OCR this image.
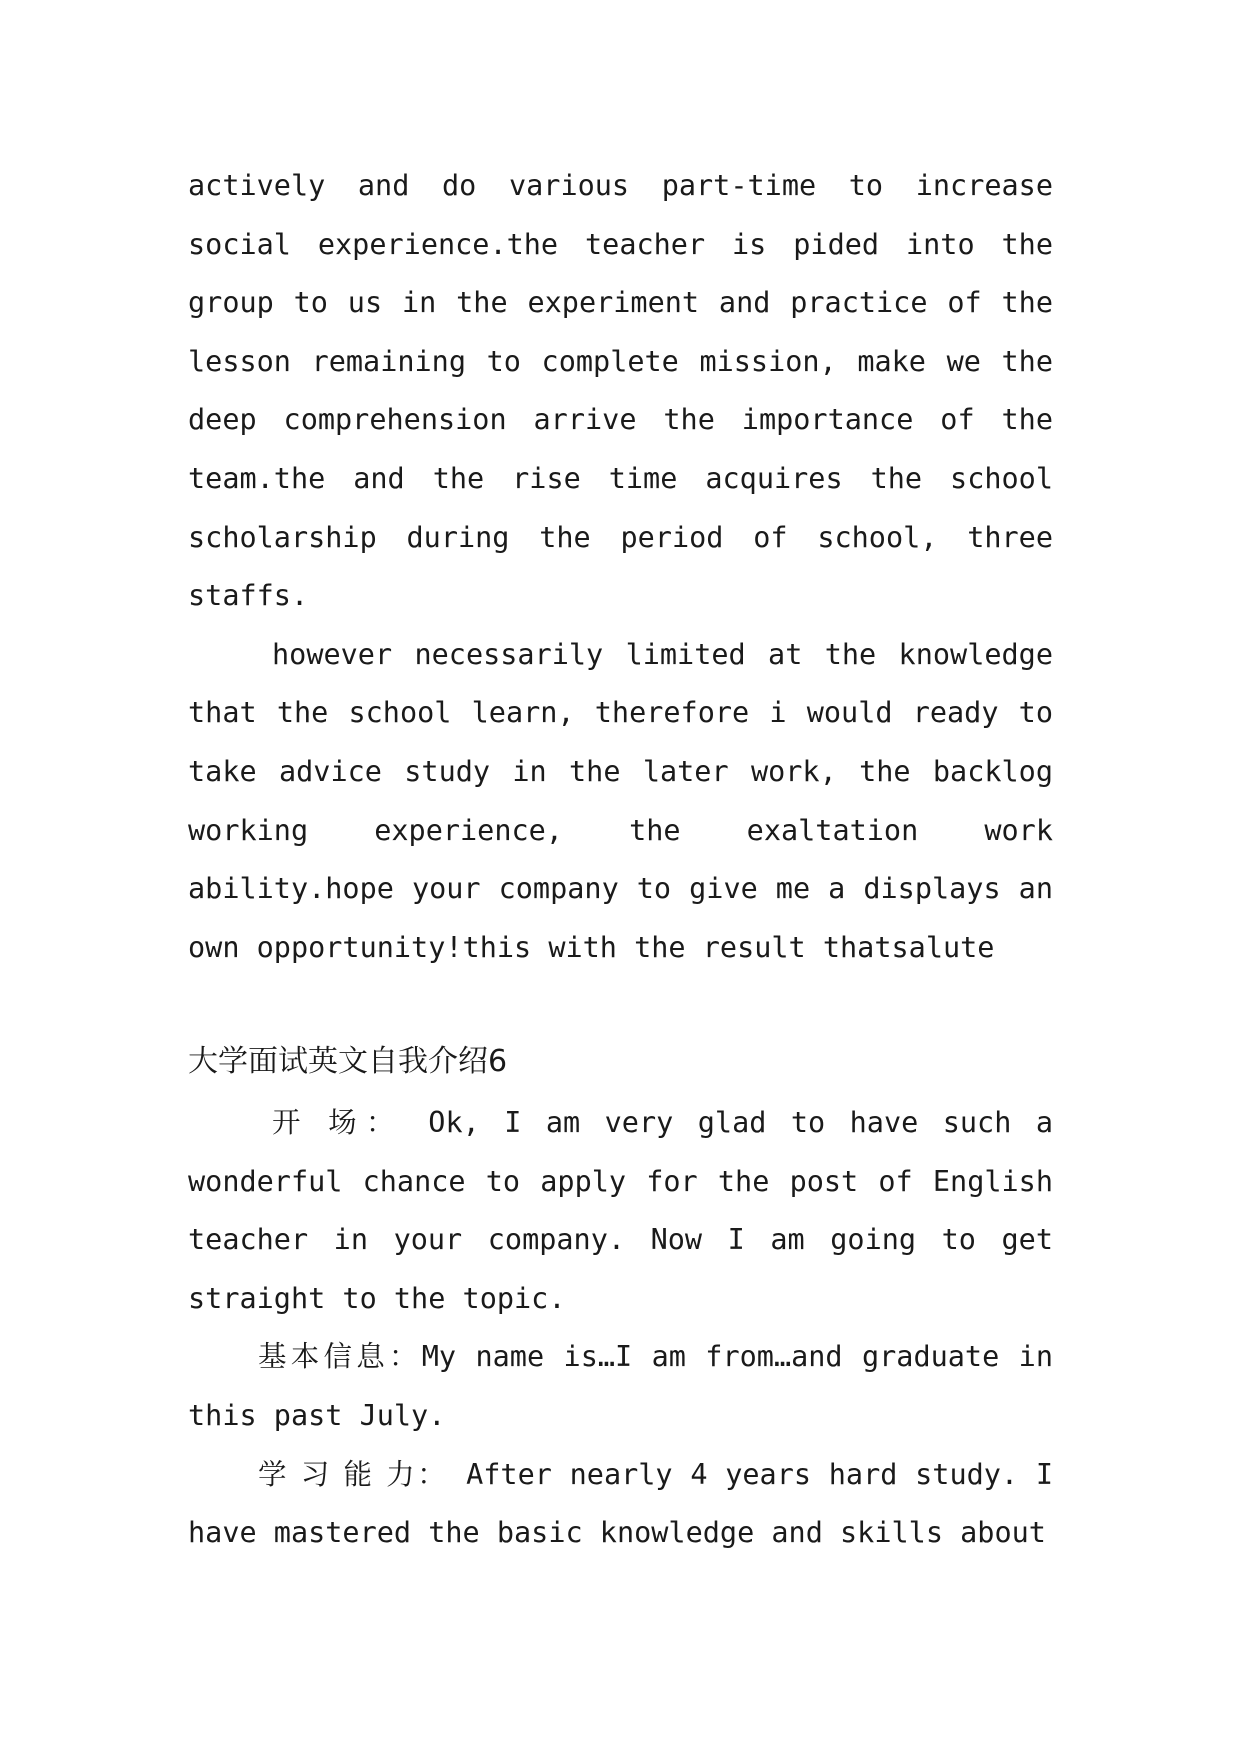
actively and do various part-time to increase social experience.the teacher is pided into the group to us in the experiment and practice of the lesson remaining to complete mission, make we the deep comprehension arrive the importance of the team.the and the rise time acquires the school scholarship during the period of school, three staffs.

however necessarily limited at the knowledge that the school learn, therefore i would ready to take advice study in the later work, the backlog working experience, the exaltation work ability.hope your company to give me a displays an own opportunity!this with the result thatsalute

大学面试英文自我介绍6

开 场： Ok, I am very glad to have such a wonderful chance to apply for the post of English teacher in your company. Now I am going to get straight to the topic.

基本信息：My name is…I am from…and graduate in this past July.

学 习 能 力： After nearly 4 years hard study. I have mastered the basic knowledge and skills about
